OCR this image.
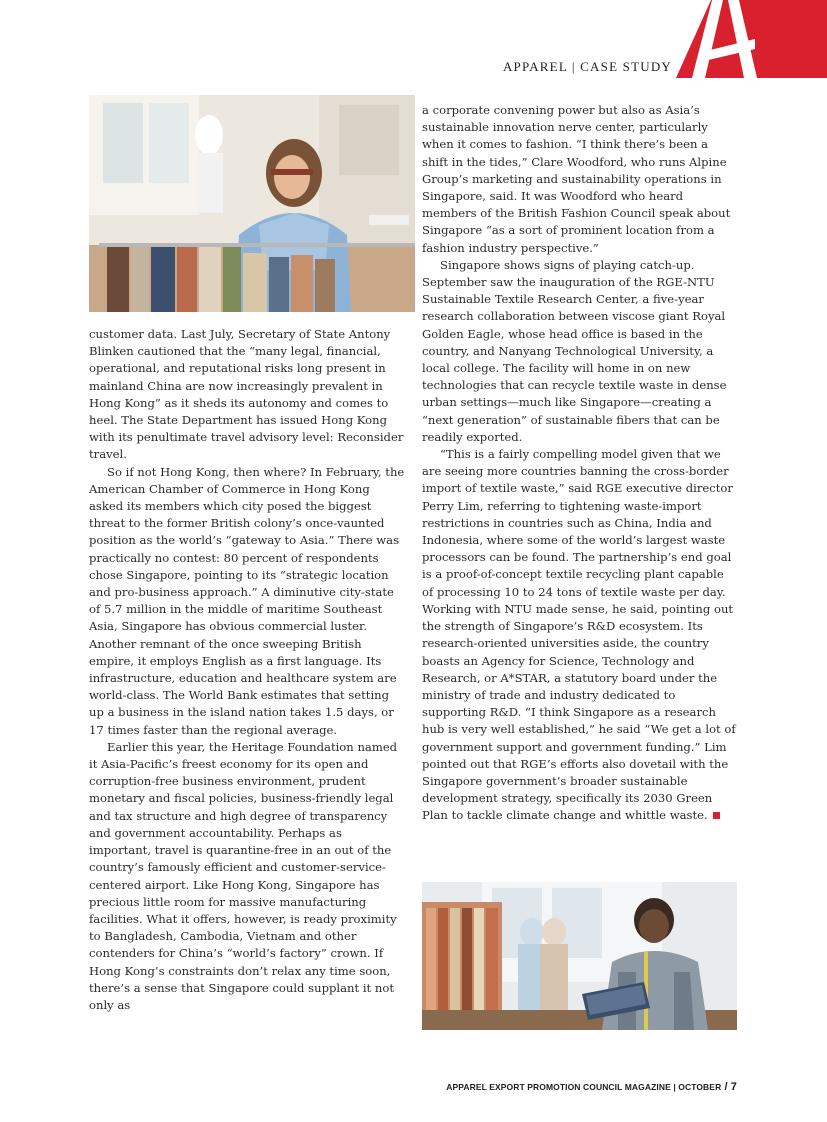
APPAREL | CASE STUDY

customer data. Last July, Secretary of State Antony Blinken cautioned that the “many legal, financial, operational, and reputational risks long present in mainland China are now increasingly prevalent in Hong Kong” as it sheds its autonomy and comes to heel. The State Department has issued Hong Kong with its penultimate travel advisory level: Reconsider travel.

So if not Hong Kong, then where? In February, the American Chamber of Commerce in Hong Kong asked its members which city posed the biggest threat to the former British colony’s once-vaunted position as the world’s “gateway to Asia.” There was practically no contest: 80 percent of respondents chose Singapore, pointing to its “strategic location and pro-business approach.” A diminutive city-state of 5.7 million in the middle of maritime Southeast Asia, Singapore has obvious commercial luster. Another remnant of the once sweeping British empire, it employs English as a first language. Its infrastructure, education and healthcare system are world-class. The World Bank estimates that setting up a business in the island nation takes 1.5 days, or 17 times faster than the regional average.

Earlier this year, the Heritage Foundation named it Asia-Pacific’s freest economy for its open and corruption-free business environment, prudent monetary and fiscal policies, business-friendly legal and tax structure and high degree of transparency and government accountability. Perhaps as important, travel is quarantine-free in an out of the country’s famously efficient and customer-service-centered airport. Like Hong Kong, Singapore has precious little room for massive manufacturing facilities. What it offers, however, is ready proximity to Bangladesh, Cambodia, Vietnam and other contenders for China’s “world’s factory” crown. If Hong Kong’s constraints don’t relax any time soon, there’s a sense that Singapore could supplant it not only as

a corporate convening power but also as Asia’s sustainable innovation nerve center, particularly when it comes to fashion. “I think there’s been a shift in the tides,” Clare Woodford, who runs Alpine Group’s marketing and sustainability operations in Singapore, said. It was Woodford who heard members of the British Fashion Council speak about Singapore “as a sort of prominent location from a fashion industry perspective.”

Singapore shows signs of playing catch-up. September saw the inauguration of the RGE-NTU Sustainable Textile Research Center, a five-year research collaboration between viscose giant Royal Golden Eagle, whose head office is based in the country, and Nanyang Technological University, a local college. The facility will home in on new technologies that can recycle textile waste in dense urban settings—much like Singapore—creating a “next generation” of sustainable fibers that can be readily exported.

“This is a fairly compelling model given that we are seeing more countries banning the cross-border import of textile waste,” said RGE executive director Perry Lim, referring to tightening waste-import restrictions in countries such as China, India and Indonesia, where some of the world’s largest waste processors can be found. The partnership’s end goal is a proof-of-concept textile recycling plant capable of processing 10 to 24 tons of textile waste per day. Working with NTU made sense, he said, pointing out the strength of Singapore’s R&D ecosystem. Its research-oriented universities aside, the country boasts an Agency for Science, Technology and Research, or A*STAR, a statutory board under the ministry of trade and industry dedicated to supporting R&D. “I think Singapore as a research hub is very well established,” he said “We get a lot of government support and government funding.” Lim pointed out that RGE’s efforts also dovetail with the Singapore government’s broader sustainable development strategy, specifically its 2030 Green Plan to tackle climate change and whittle waste.

APPAREL EXPORT PROMOTION COUNCIL MAGAZINE | OCTOBER / 7
